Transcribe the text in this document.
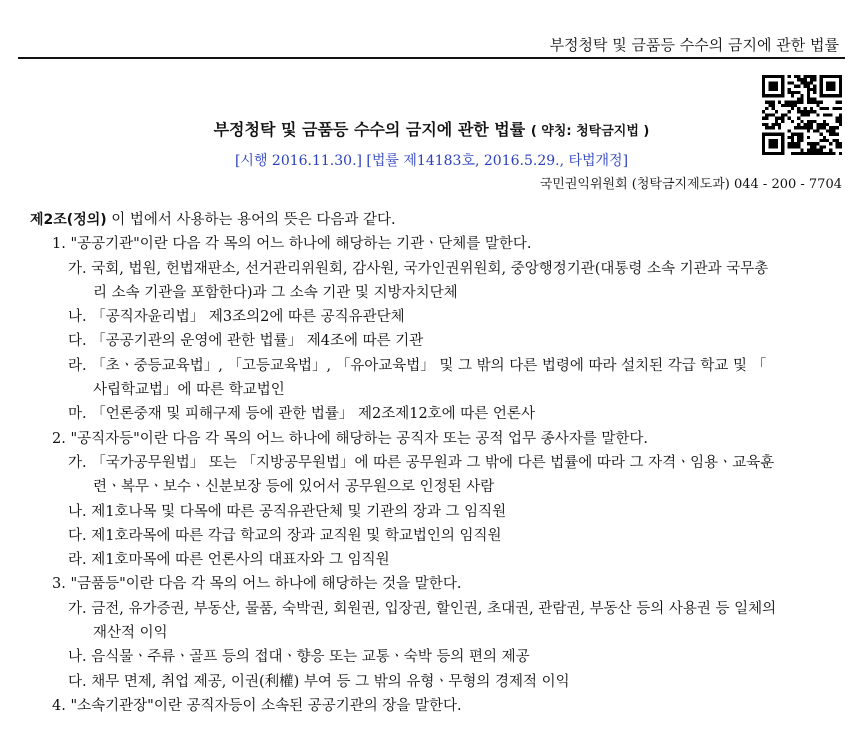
부정청탁 및 금품등 수수의 금지에 관한 법률
부정청탁 및 금품등 수수의 금지에 관한 법률 ( 약칭: 청탁금지법 )
[시행 2016.11.30.] [법률 제14183호, 2016.5.29., 타법개정]
국민권익위원회 (청탁금지제도과) 044 - 200 - 7704

제2조(정의) 이 법에서 사용하는 용어의 뜻은 다음과 같다.

1. "공공기관"이란 다음 각 목의 어느 하나에 해당하는 기관ㆍ단체를 말한다.

가. 국회, 법원, 헌법재판소, 선거관리위원회, 감사원, 국가인권위원회, 중앙행정기관(대통령 소속 기관과 국무총

리 소속 기관을 포함한다)과 그 소속 기관 및 지방자치단체

나. 「공직자윤리법」 제3조의2에 따른 공직유관단체

다. 「공공기관의 운영에 관한 법률」 제4조에 따른 기관

라. 「초ㆍ중등교육법」, 「고등교육법」, 「유아교육법」 및 그 밖의 다른 법령에 따라 설치된 각급 학교 및 「

사립학교법」에 따른 학교법인

마. 「언론중재 및 피해구제 등에 관한 법률」 제2조제12호에 따른 언론사

2. "공직자등"이란 다음 각 목의 어느 하나에 해당하는 공직자 또는 공적 업무 종사자를 말한다.

가. 「국가공무원법」 또는 「지방공무원법」에 따른 공무원과 그 밖에 다른 법률에 따라 그 자격ㆍ임용ㆍ교육훈

련ㆍ복무ㆍ보수ㆍ신분보장 등에 있어서 공무원으로 인정된 사람

나. 제1호나목 및 다목에 따른 공직유관단체 및 기관의 장과 그 임직원

다. 제1호라목에 따른 각급 학교의 장과 교직원 및 학교법인의 임직원

라. 제1호마목에 따른 언론사의 대표자와 그 임직원

3. "금품등"이란 다음 각 목의 어느 하나에 해당하는 것을 말한다.

가. 금전, 유가증권, 부동산, 물품, 숙박권, 회원권, 입장권, 할인권, 초대권, 관람권, 부동산 등의 사용권 등 일체의

재산적 이익

나. 음식물ㆍ주류ㆍ골프 등의 접대ㆍ향응 또는 교통ㆍ숙박 등의 편의 제공

다. 채무 면제, 취업 제공, 이권(利權) 부여 등 그 밖의 유형ㆍ무형의 경제적 이익

4. "소속기관장"이란 공직자등이 소속된 공공기관의 장을 말한다.
